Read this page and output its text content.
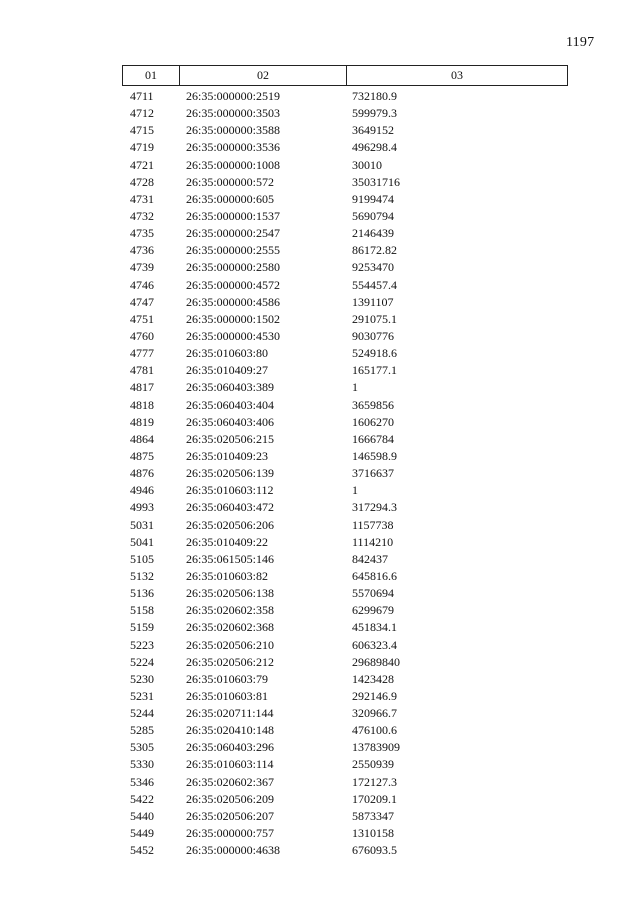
1197
01	02	03
4711	26:35:000000:2519	732180.9
4712	26:35:000000:3503	599979.3
4715	26:35:000000:3588	3649152
4719	26:35:000000:3536	496298.4
4721	26:35:000000:1008	30010
4728	26:35:000000:572	35031716
4731	26:35:000000:605	9199474
4732	26:35:000000:1537	5690794
4735	26:35:000000:2547	2146439
4736	26:35:000000:2555	86172.82
4739	26:35:000000:2580	9253470
4746	26:35:000000:4572	554457.4
4747	26:35:000000:4586	1391107
4751	26:35:000000:1502	291075.1
4760	26:35:000000:4530	9030776
4777	26:35:010603:80	524918.6
4781	26:35:010409:27	165177.1
4817	26:35:060403:389	1
4818	26:35:060403:404	3659856
4819	26:35:060403:406	1606270
4864	26:35:020506:215	1666784
4875	26:35:010409:23	146598.9
4876	26:35:020506:139	3716637
4946	26:35:010603:112	1
4993	26:35:060403:472	317294.3
5031	26:35:020506:206	1157738
5041	26:35:010409:22	1114210
5105	26:35:061505:146	842437
5132	26:35:010603:82	645816.6
5136	26:35:020506:138	5570694
5158	26:35:020602:358	6299679
5159	26:35:020602:368	451834.1
5223	26:35:020506:210	606323.4
5224	26:35:020506:212	29689840
5230	26:35:010603:79	1423428
5231	26:35:010603:81	292146.9
5244	26:35:020711:144	320966.7
5285	26:35:020410:148	476100.6
5305	26:35:060403:296	13783909
5330	26:35:010603:114	2550939
5346	26:35:020602:367	172127.3
5422	26:35:020506:209	170209.1
5440	26:35:020506:207	5873347
5449	26:35:000000:757	1310158
5452	26:35:000000:4638	676093.5
